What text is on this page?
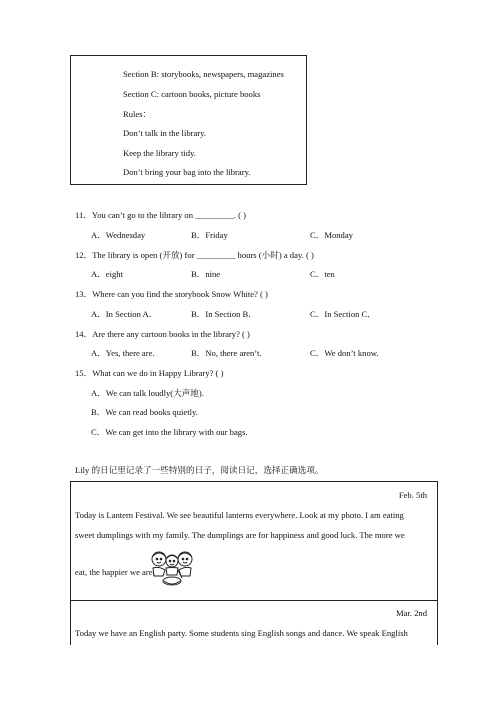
Section B: storybooks, newspapers, magazines
Section C: cartoon books, picture books
Rules：
Don’t talk in the library.
Keep the library tidy.
Don’t bring your bag into the library.
11．You can’t go to the library on _________. ( )
A．Wednesday	B．Friday	C．Monday
12．The library is open (开放) for _________ hours (小时) a day. ( )
A．eight	B．nine	C．ten
13．Where can you find the storybook Snow White? ( )
A．In Section A．	B．In Section B．	C．In Section C．
14．Are there any cartoon books in the library? ( )
A．Yes, there are.	B．No, there aren’t.	C．We don’t know.
15．What can we do in Happy Library? ( )
A．We can talk loudly(大声地).
B．We can read books quietly.
C．We can get into the library with our bags.
Lily 的日记里记录了一些特别的日子，阅读日记，选择正确选项。
Feb. 5th
Today is Lantern Festival. We see beautiful lanterns everywhere. Look at my photo. I am eating
sweet dumplings with my family. The dumplings are for happiness and good luck. The more we
eat, the happier we are.
Mar. 2nd
Today we have an English party. Some students sing English songs and dance. We speak English
